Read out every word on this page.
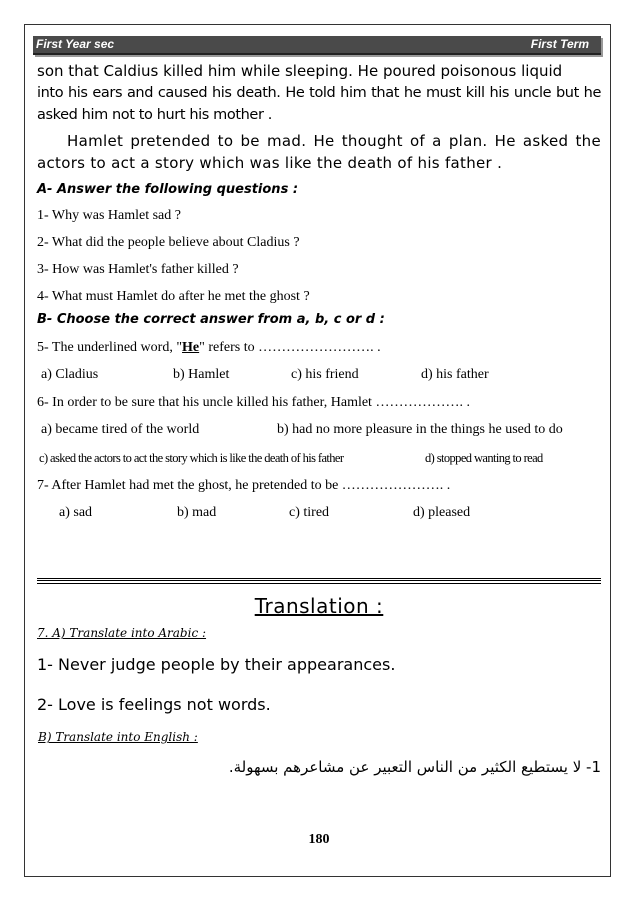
First Year sec	First Term

son that Caldius killed him while sleeping. He poured poisonous liquid

into his ears and caused his death. He told him that he must kill his uncle but he asked him not to hurt his mother .

Hamlet pretended to be mad. He thought of a plan. He asked the actors to act a story which was like the death of his father .

A- Answer the following questions :

1- Why was Hamlet sad ?

2- What did the people believe about Cladius ?

3- How was Hamlet's father killed ?

4- What must Hamlet do after he met the ghost ?

B- Choose the correct answer from a, b, c or d :

5- The underlined word, "He" refers to ……………………. .

a) Cladius	b) Hamlet	c) his friend	d) his father

6- In order to be sure that his uncle killed his father, Hamlet ………………. .

a) became tired of the world	b) had no more pleasure in the things he used to do
c) asked the actors to act the story which is like the death of his father	d) stopped wanting to read

7- After Hamlet had met the ghost, he pretended to be …………………. .

a) sad	b) mad	c) tired	d) pleased
Translation :
7. A) Translate into Arabic :
1- Never judge people by their appearances.
2- Love is feelings not words.
B) Translate into English :
1- لا يستطيع الكثير من الناس التعبير عن مشاعرهم بسهولة.
180
